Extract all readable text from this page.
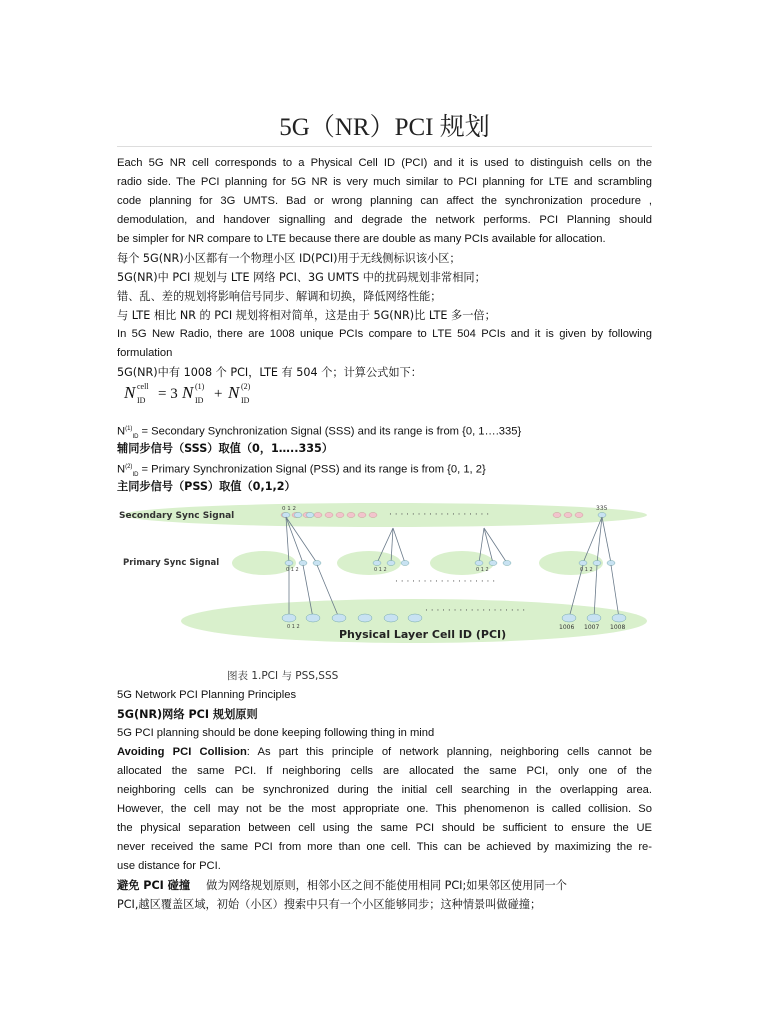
5G（NR）PCI 规划
Each 5G NR cell corresponds to a Physical Cell ID (PCI) and it is used to distinguish cells on the
radio side. The PCI planning for 5G NR is very much similar to PCI planning for LTE and scrambling
code planning for 3G UMTS. Bad or wrong planning can affect the synchronization procedure ,
demodulation, and handover signalling and degrade the network performs. PCI Planning should
be simpler for NR compare to LTE because there are double as many PCIs available for allocation.
每个 5G(NR)小区都有一个物理小区 ID(PCI)用于无线侧标识该小区；
5G(NR)中 PCI 规划与 LTE 网络 PCI、3G UMTS 中的扰码规划非常相同；
错、乱、差的规划将影响信号同步、解调和切换，降低网络性能；
与 LTE 相比 NR 的 PCI 规划将相对简单，这是由于 5G(NR)比 LTE 多一倍；
In 5G New Radio, there are 1008 unique PCIs compare to LTE 504 PCIs and it is given by following
formulation
5G(NR)中有 1008 个 PCI，LTE 有 504 个；计算公式如下：
N cell
ID = 3 N (1)
ID + N (2)
ID
$N^{(1)}_{ID}$ = Secondary Synchronization Signal (SSS) and its range is from {0, 1….335}
辅同步信号（SSS）取值（0，1…..335）
$N^{(2)}_{ID}$ = Primary Synchronization Signal (PSS) and its range is from {0, 1, 2}
主同步信号（PSS）取值（0,1,2）
Secondary Sync Signal
Primary Sync Signal
Physical Layer Cell ID (PCI)
0 1 2	335
0 1 2	0 1 2	0 1 2	0 1 2
0 1 2	1006 1007 1008
· · · · · · · · · · · · · · · · · ·
· · · · · · · · · · · · · · · · · ·
· · · · · · · · · · · · · · · · · ·
图表 1.PCI 与 PSS,SSS
5G Network PCI Planning Principles
5G(NR)网络 PCI 规划原则
5G PCI planning should be done keeping following thing in mind
Avoiding PCI Collision: As part this principle of network planning, neighboring cells cannot be
allocated the same PCI. If neighboring cells are allocated the same PCI, only one of the
neighboring cells can be synchronized during the initial cell searching in the overlapping area.
However, the cell may not be the most appropriate one. This phenomenon is called collision. So
the physical separation between cell using the same PCI should be sufficient to ensure the UE
never received the same PCI from more than one cell. This can be achieved by maximizing the re-
use distance for PCI.
避免 PCI 碰撞 做为网络规划原则，相邻小区之间不能使用相同 PCI;如果邻区使用同一个
PCI,越区覆盖区域，初始（小区）搜索中只有一个小区能够同步；这种情景叫做碰撞；
